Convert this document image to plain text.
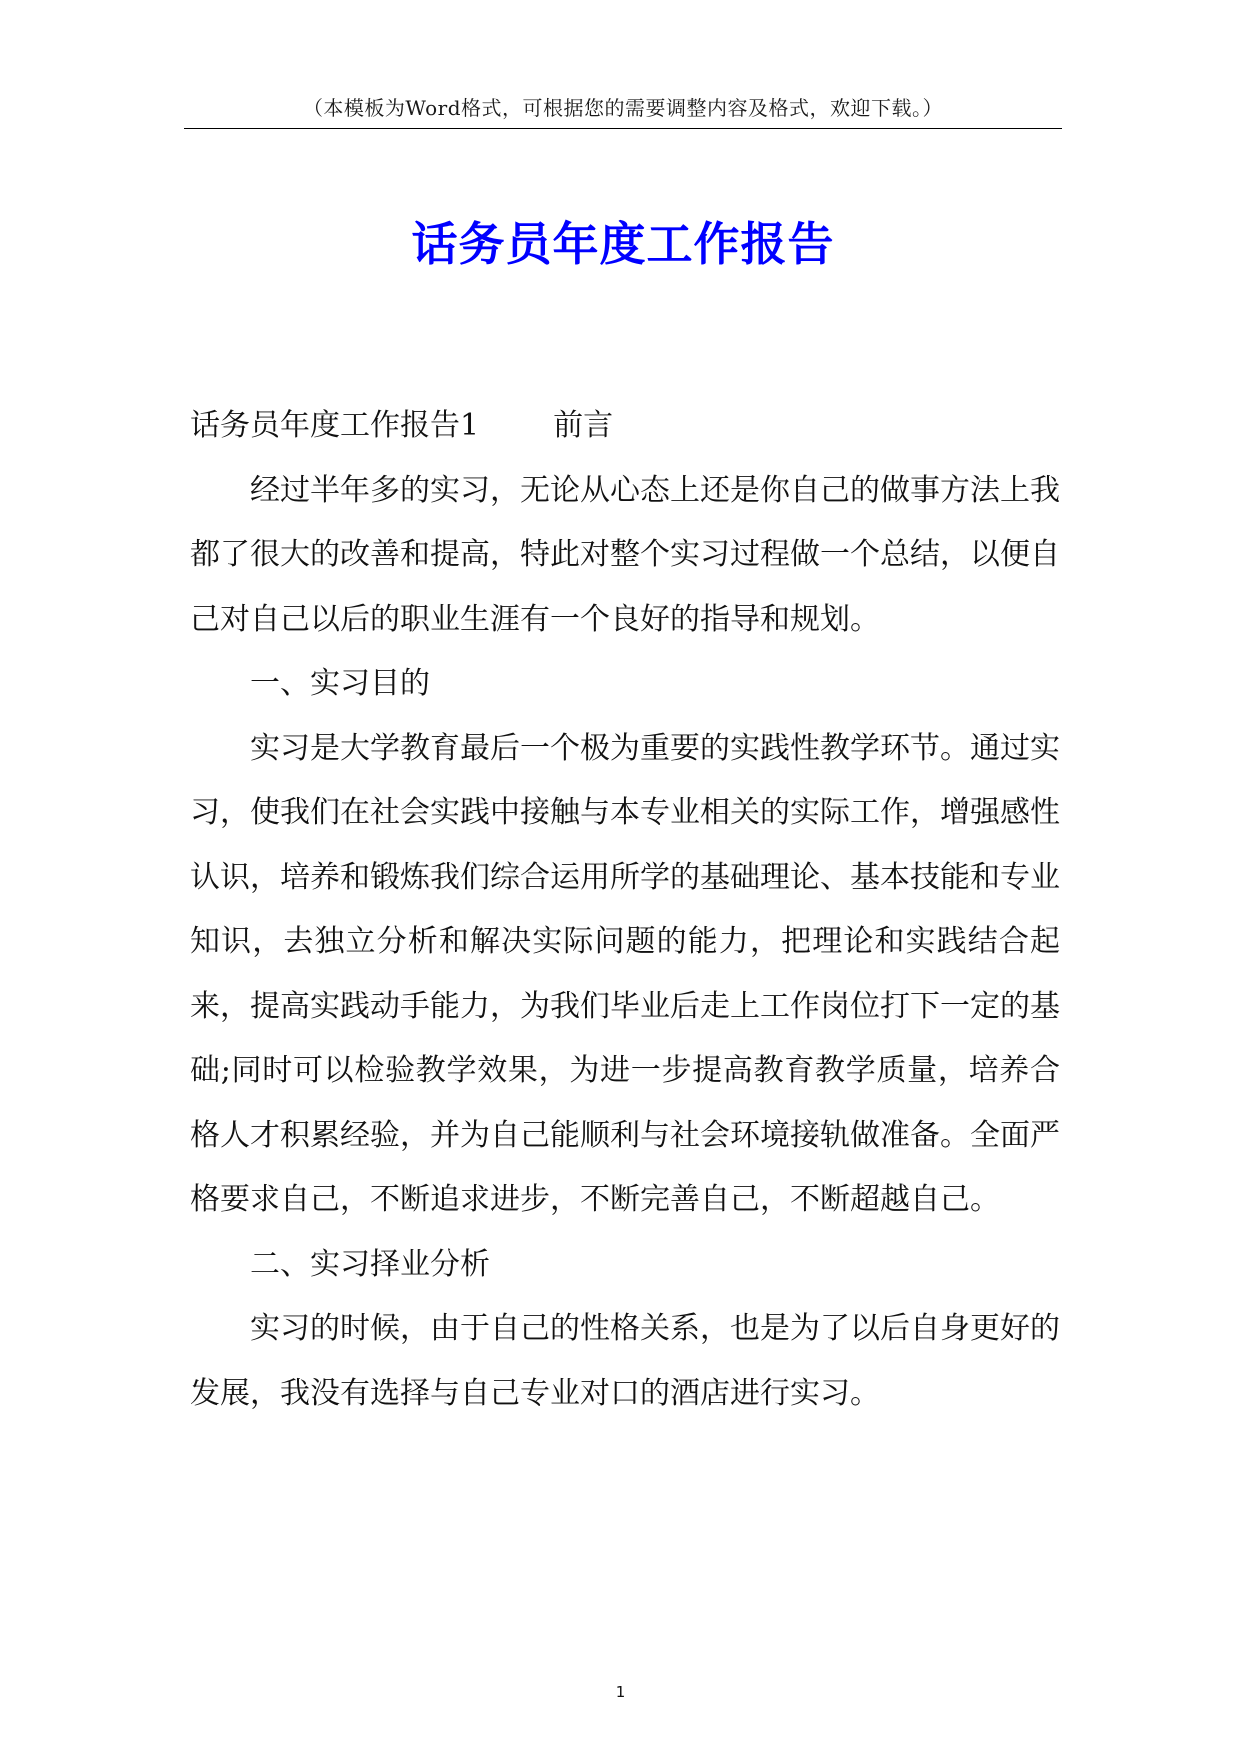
（本模板为Word格式，可根据您的需要调整内容及格式，欢迎下载。）
话务员年度工作报告

话务员年度工作报告1 前言

经过半年多的实习，无论从心态上还是你自己的做事方法上我都了很大的改善和提高，特此对整个实习过程做一个总结，以便自己对自己以后的职业生涯有一个良好的指导和规划。

一、实习目的

实习是大学教育最后一个极为重要的实践性教学环节。通过实习，使我们在社会实践中接触与本专业相关的实际工作，增强感性认识，培养和锻炼我们综合运用所学的基础理论、基本技能和专业知识，去独立分析和解决实际问题的能力，把理论和实践结合起来，提高实践动手能力，为我们毕业后走上工作岗位打下一定的基础;同时可以检验教学效果，为进一步提高教育教学质量，培养合格人才积累经验，并为自己能顺利与社会环境接轨做准备。全面严格要求自己，不断追求进步，不断完善自己，不断超越自己。

二、实习择业分析

实习的时候，由于自己的性格关系，也是为了以后自身更好的发展，我没有选择与自己专业对口的酒店进行实习。

1
